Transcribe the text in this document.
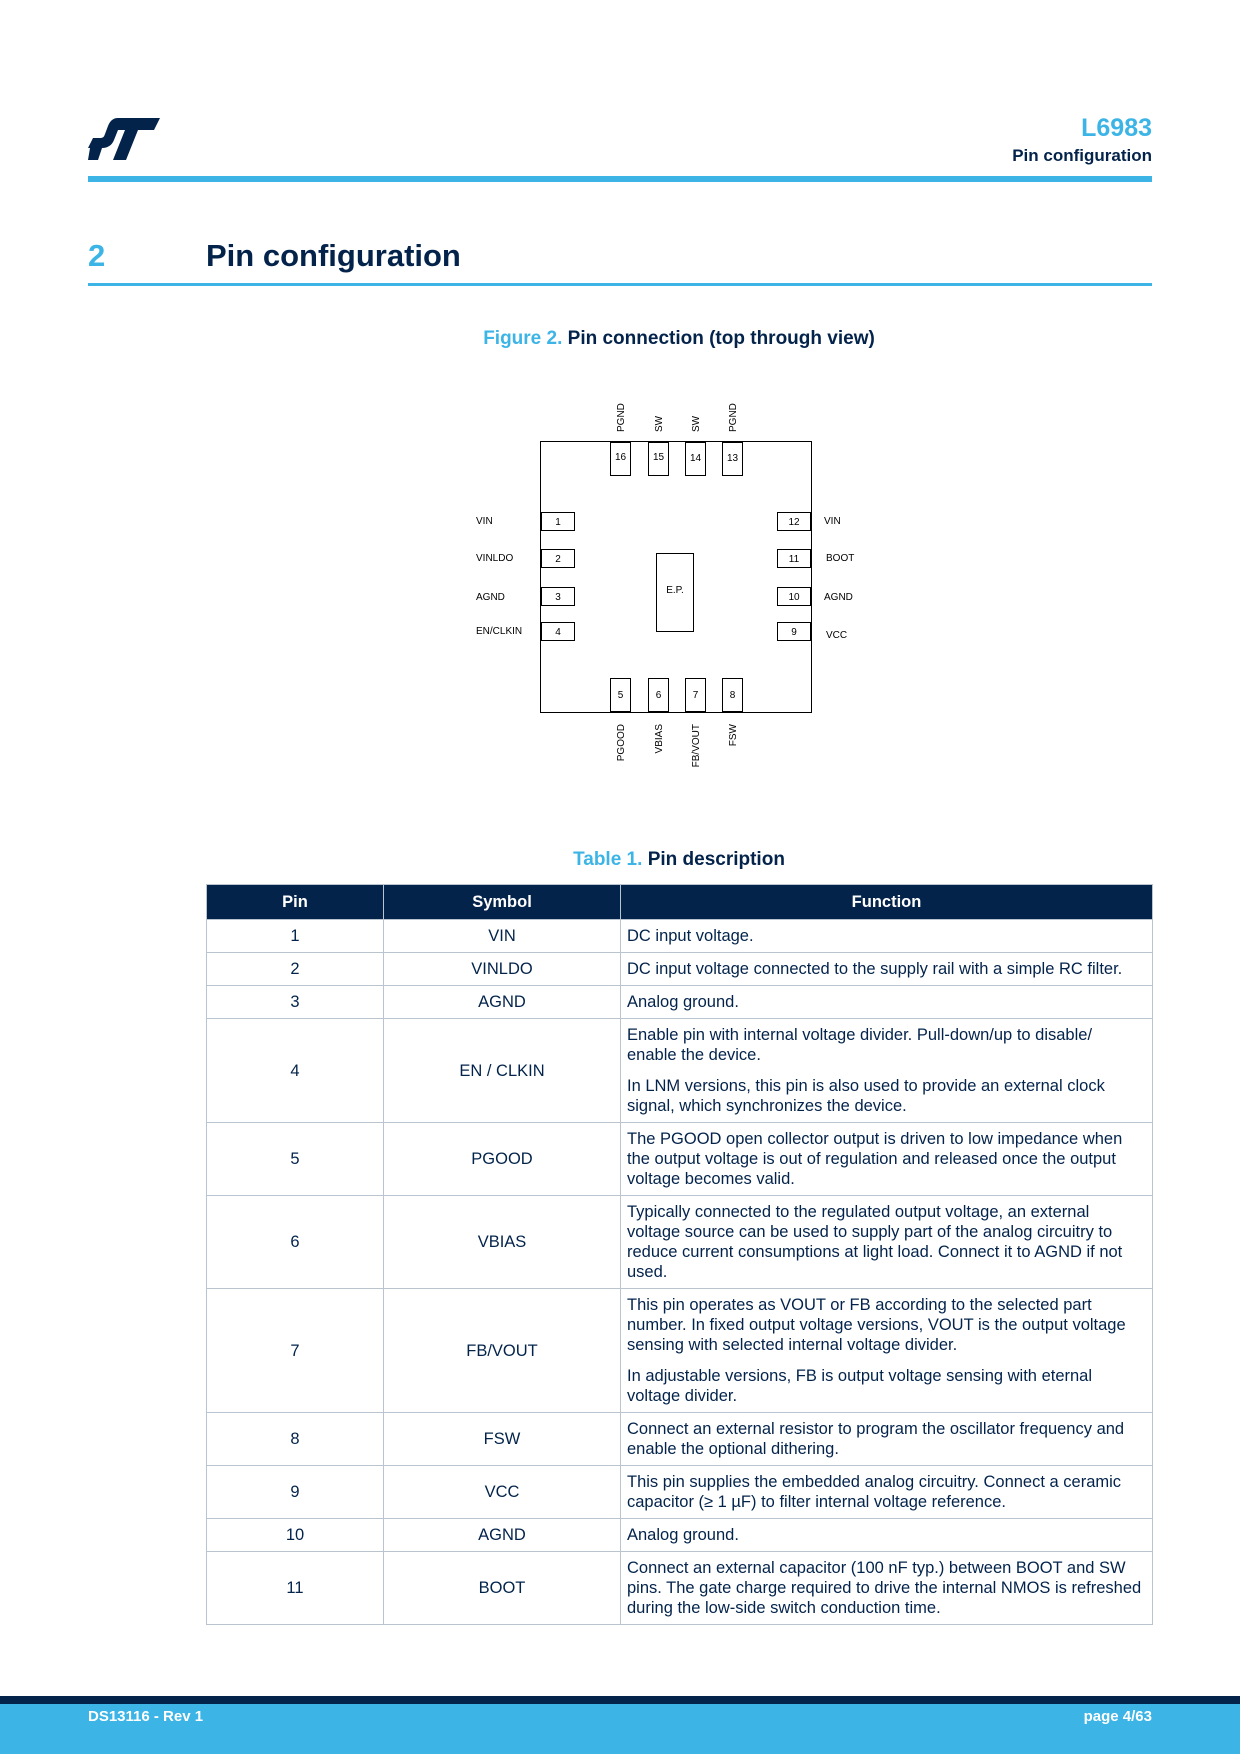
L6983
Pin configuration
2	Pin configuration
Figure 2. Pin connection (top through view)
E.P.
16
PGND
15
SW
14
SW
13
PGND
5
PGOOD
6
VBIAS
7
FB/VOUT
8
FSW
1
VIN
2
VINLDO
3
AGND
4
EN/CLKIN
12 VIN
11	BOOT
10 AGND
9	VCC
Table 1. Pin description
Pin	Symbol	Function
1	VIN	DC input voltage.

2	VINLDO	DC input voltage connected to the supply rail with a simple RC filter.

3	AGND	Analog ground.

4	EN / CLKIN	Enable pin with internal voltage divider. Pull-down/up to disable/ enable the device.

In LNM versions, this pin is also used to provide an external clock signal, which synchronizes the device.

5	PGOOD	The PGOOD open collector output is driven to low impedance when the output voltage is out of regulation and released once the output voltage becomes valid.

6	VBIAS	Typically connected to the regulated output voltage, an external voltage source can be used to supply part of the analog circuitry to reduce current consumptions at light load. Connect it to AGND if not used.

7	FB/VOUT	This pin operates as VOUT or FB according to the selected part number. In fixed output voltage versions, VOUT is the output voltage sensing with selected internal voltage divider.

In adjustable versions, FB is output voltage sensing with eternal voltage divider.

8	FSW	Connect an external resistor to program the oscillator frequency and enable the optional dithering.

9	VCC	This pin supplies the embedded analog circuitry. Connect a ceramic capacitor (≥ 1 µF) to filter internal voltage reference.

10	AGND	Analog ground.

11	BOOT	Connect an external capacitor (100 nF typ.) between BOOT and SW pins. The gate charge required to drive the internal NMOS is refreshed during the low-side switch conduction time.

DS13116 - Rev 1	page 4/63
